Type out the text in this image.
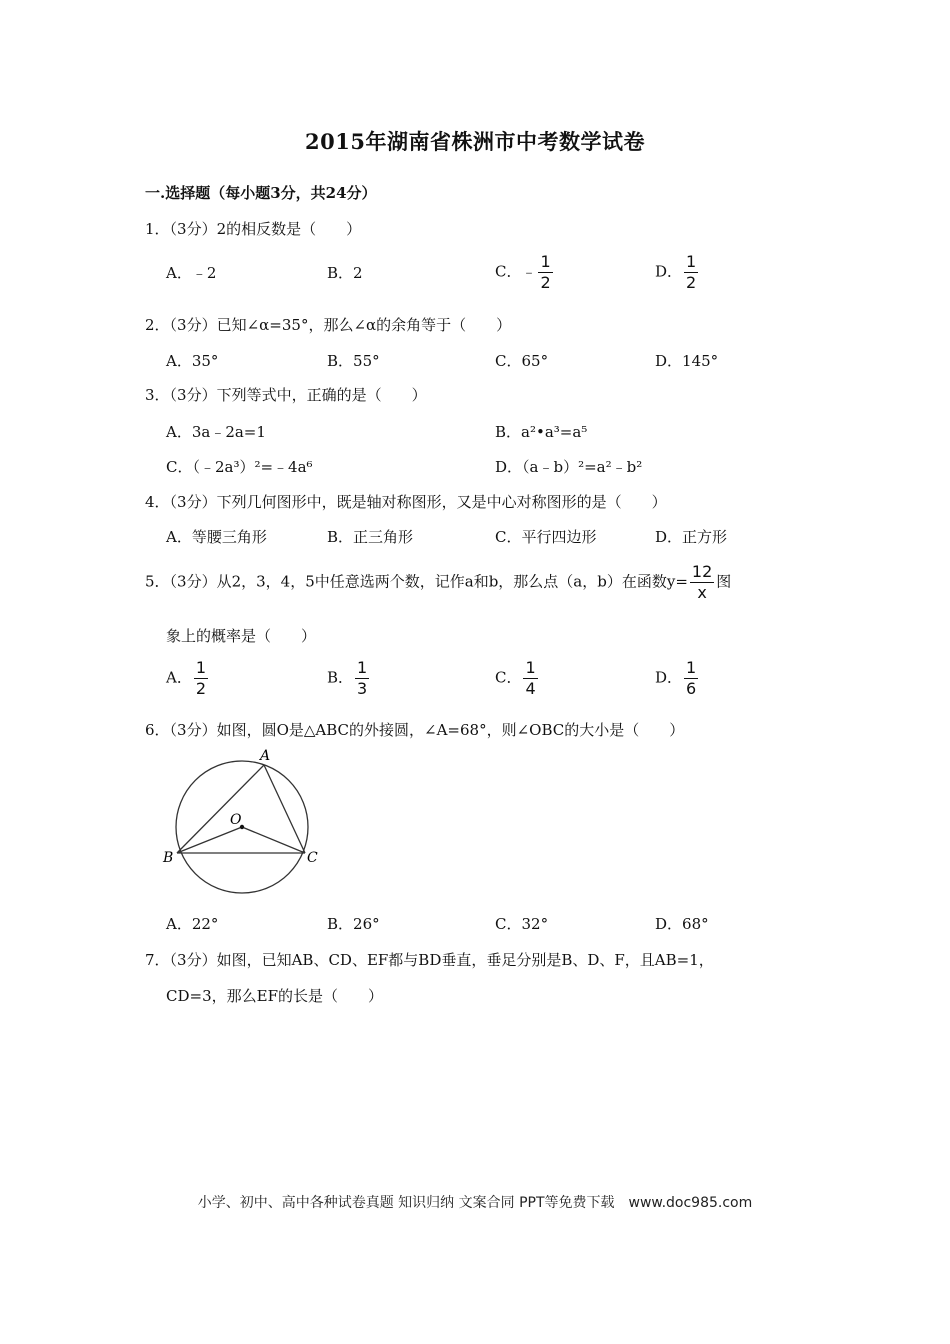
2015年湖南省株洲市中考数学试卷
一.选择题（每小题3分，共24分）
1．（3分）2的相反数是（　　）
A．﹣2	B．2	C．﹣ $\frac{1}{2}$	D． $\frac{1}{2}$
2．（3分）已知∠α=35°，那么∠α的余角等于（　　）
A．35°	B．55°	C．65°	D．145°
3．（3分）下列等式中，正确的是（　　）
A．3a﹣2a=1	B．a²•a³=a⁵
C．（﹣2a³）²=﹣4a⁶	D．（a﹣b）²=a²﹣b²
4．（3分）下列几何图形中，既是轴对称图形，又是中心对称图形的是（　　）
A．等腰三角形	B．正三角形	C．平行四边形	D．正方形
5．（3分）从2，3，4，5中任意选两个数，记作a和b，那么点（a，b）在函数$y= \frac{12}{x}$ 图
象上的概率是（　　）
A． $\frac{1}{2}$	B． $\frac{1}{3}$	C． $\frac{1}{4}$	D． $\frac{1}{6}$
6．（3分）如图，圆O是△ABC的外接圆，∠A=68°，则∠OBC的大小是（　　）
A
B	C
O
A．22°	B．26°	C．32°	D．68°
7．（3分）如图，已知AB、CD、EF都与BD垂直，垂足分别是B、D、F，且AB=1，
CD=3，那么EF的长是（　　）
小学、初中、高中各种试卷真题 知识归纳 文案合同 PPT等免费下载　www.doc985.com
